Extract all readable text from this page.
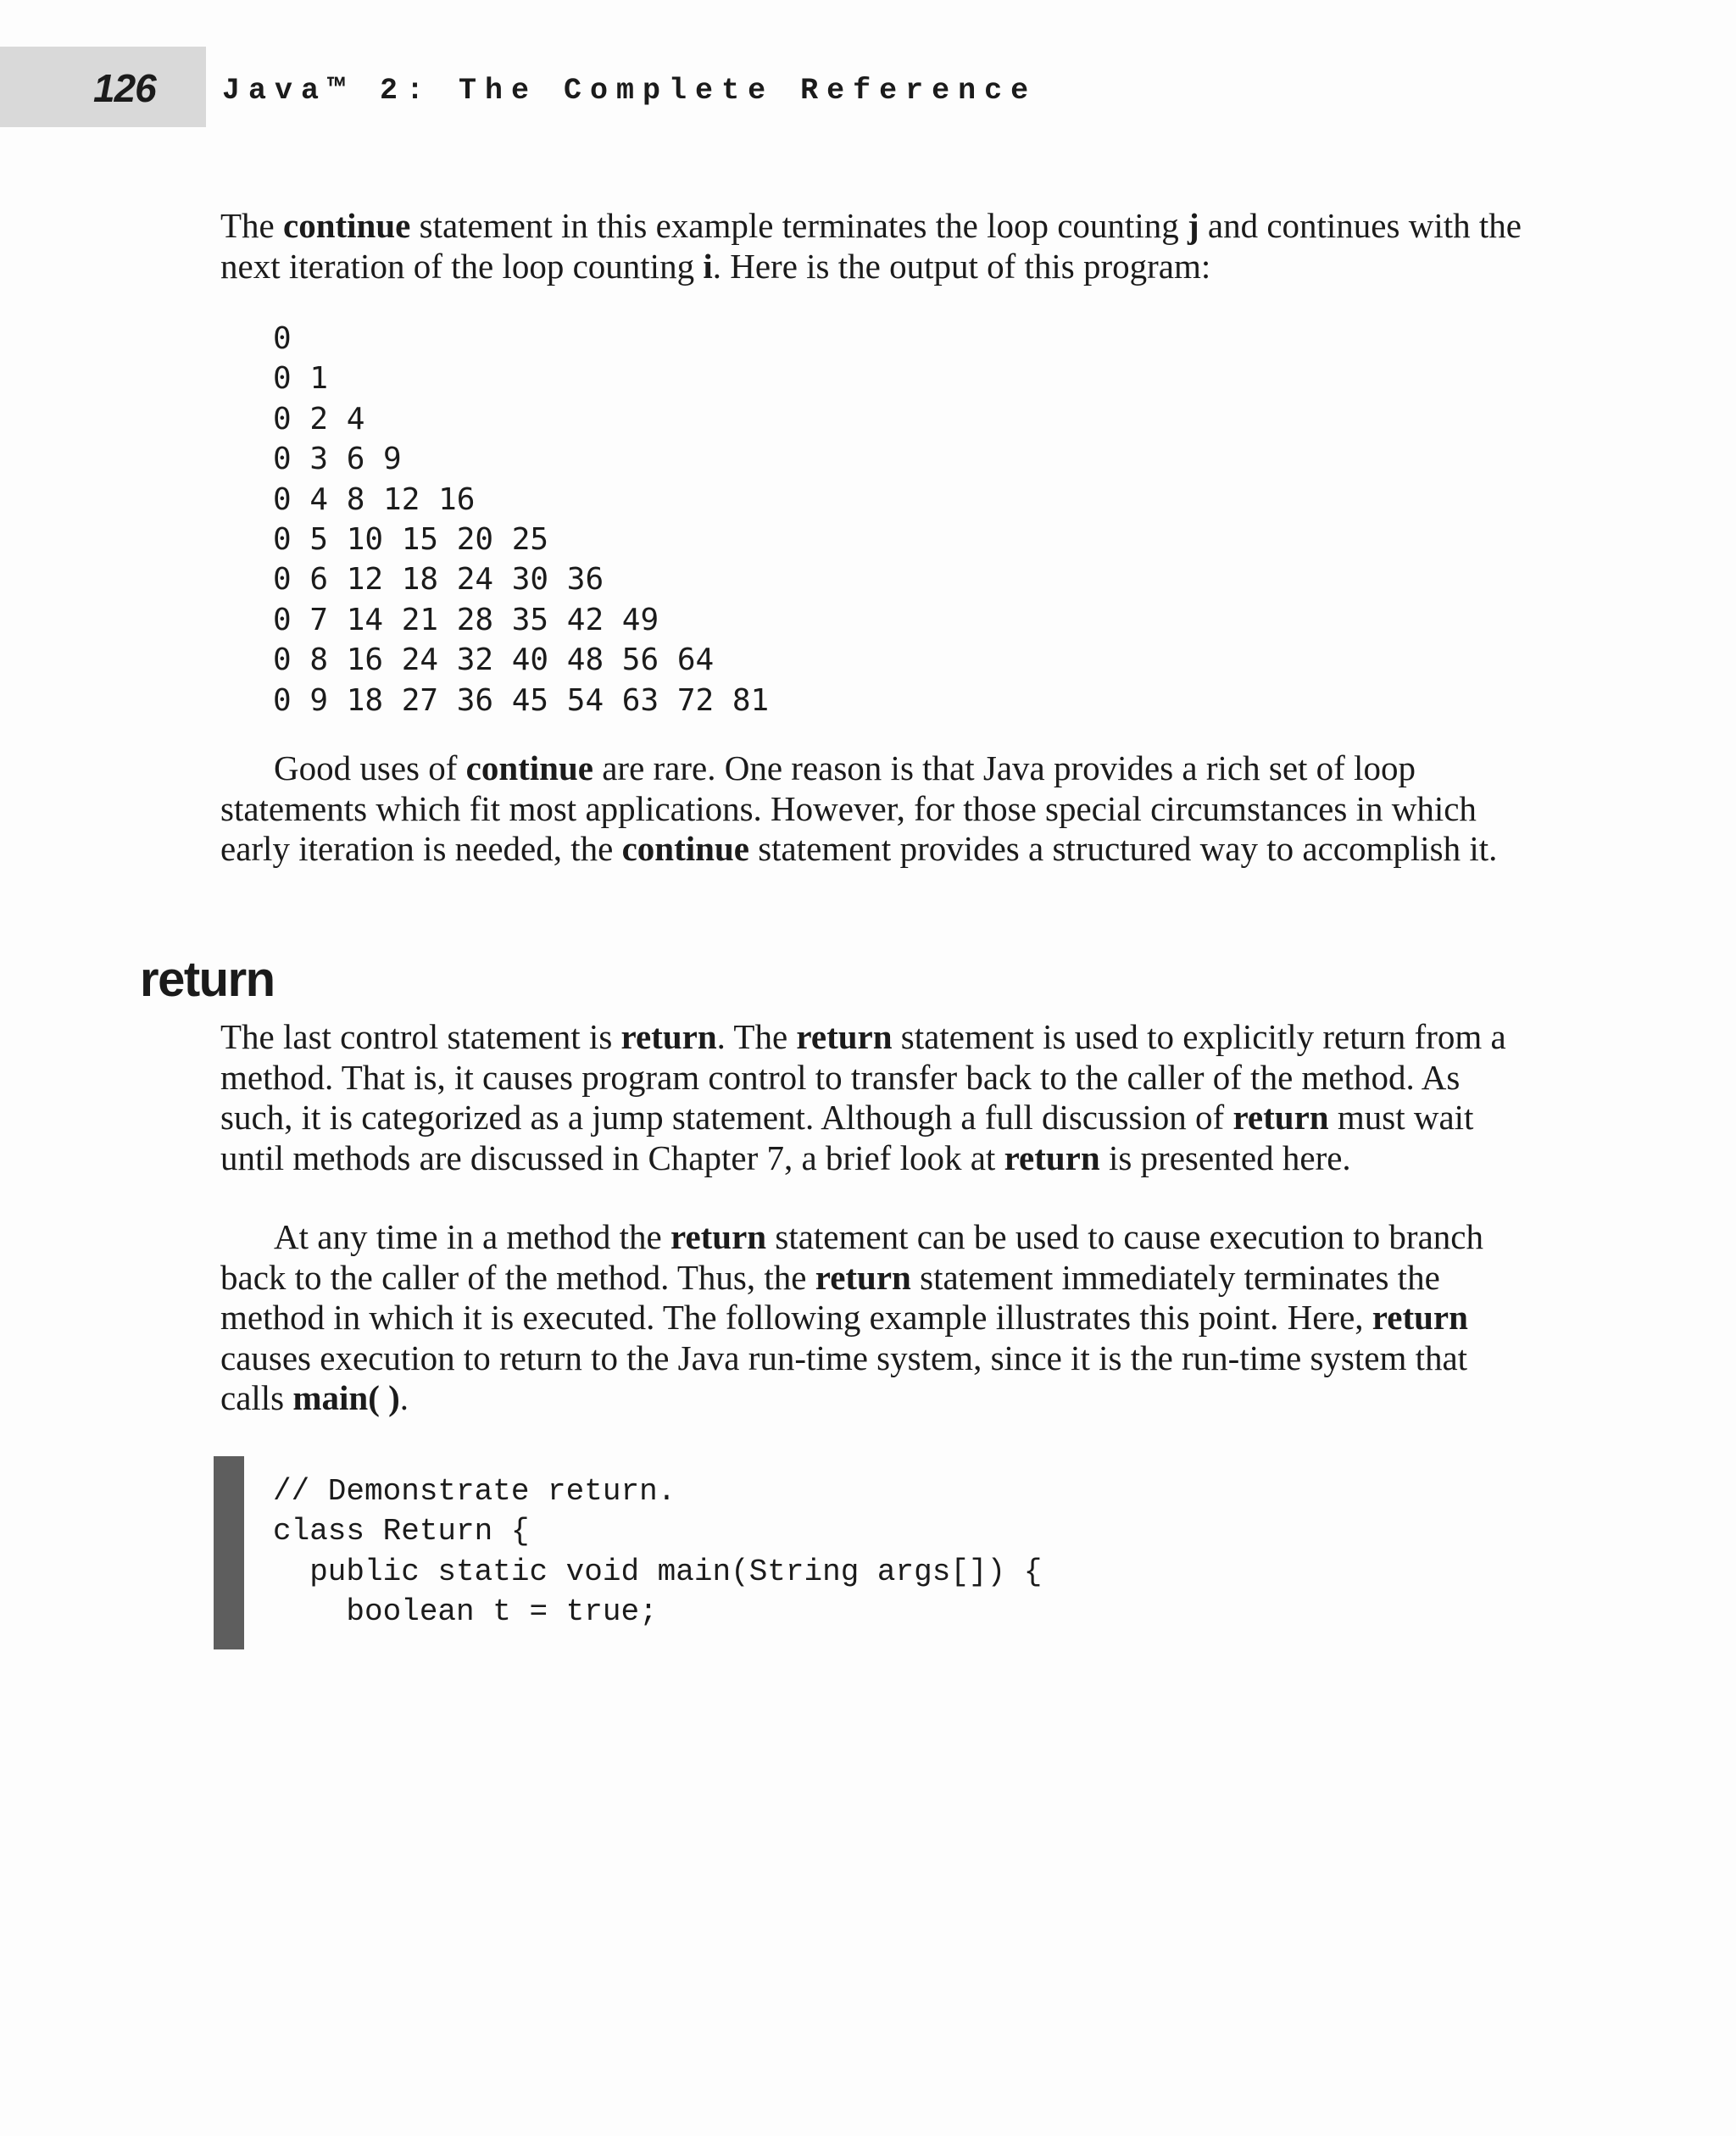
126 Java™ 2: The Complete Reference

The continue statement in this example terminates the loop counting j and continues with the next iteration of the loop counting i. Here is the output of this program:

0
0 1
0 2 4
0 3 6 9
0 4 8 12 16
0 5 10 15 20 25
0 6 12 18 24 30 36
0 7 14 21 28 35 42 49
0 8 16 24 32 40 48 56 64
0 9 18 27 36 45 54 63 72 81

Good uses of continue are rare. One reason is that Java provides a rich set of loop statements which fit most applications. However, for those special circumstances in which early iteration is needed, the continue statement provides a structured way to accomplish it.

return

The last control statement is return. The return statement is used to explicitly return from a method. That is, it causes program control to transfer back to the caller of the method. As such, it is categorized as a jump statement. Although a full discussion of return must wait until methods are discussed in Chapter 7, a brief look at return is presented here.

At any time in a method the return statement can be used to cause execution to branch back to the caller of the method. Thus, the return statement immediately terminates the method in which it is executed. The following example illustrates this point. Here, return causes execution to return to the Java run-time system, since it is the run-time system that calls main( ).

// Demonstrate return.
class Return {
public static void main(String args[]) {
boolean t = true;
